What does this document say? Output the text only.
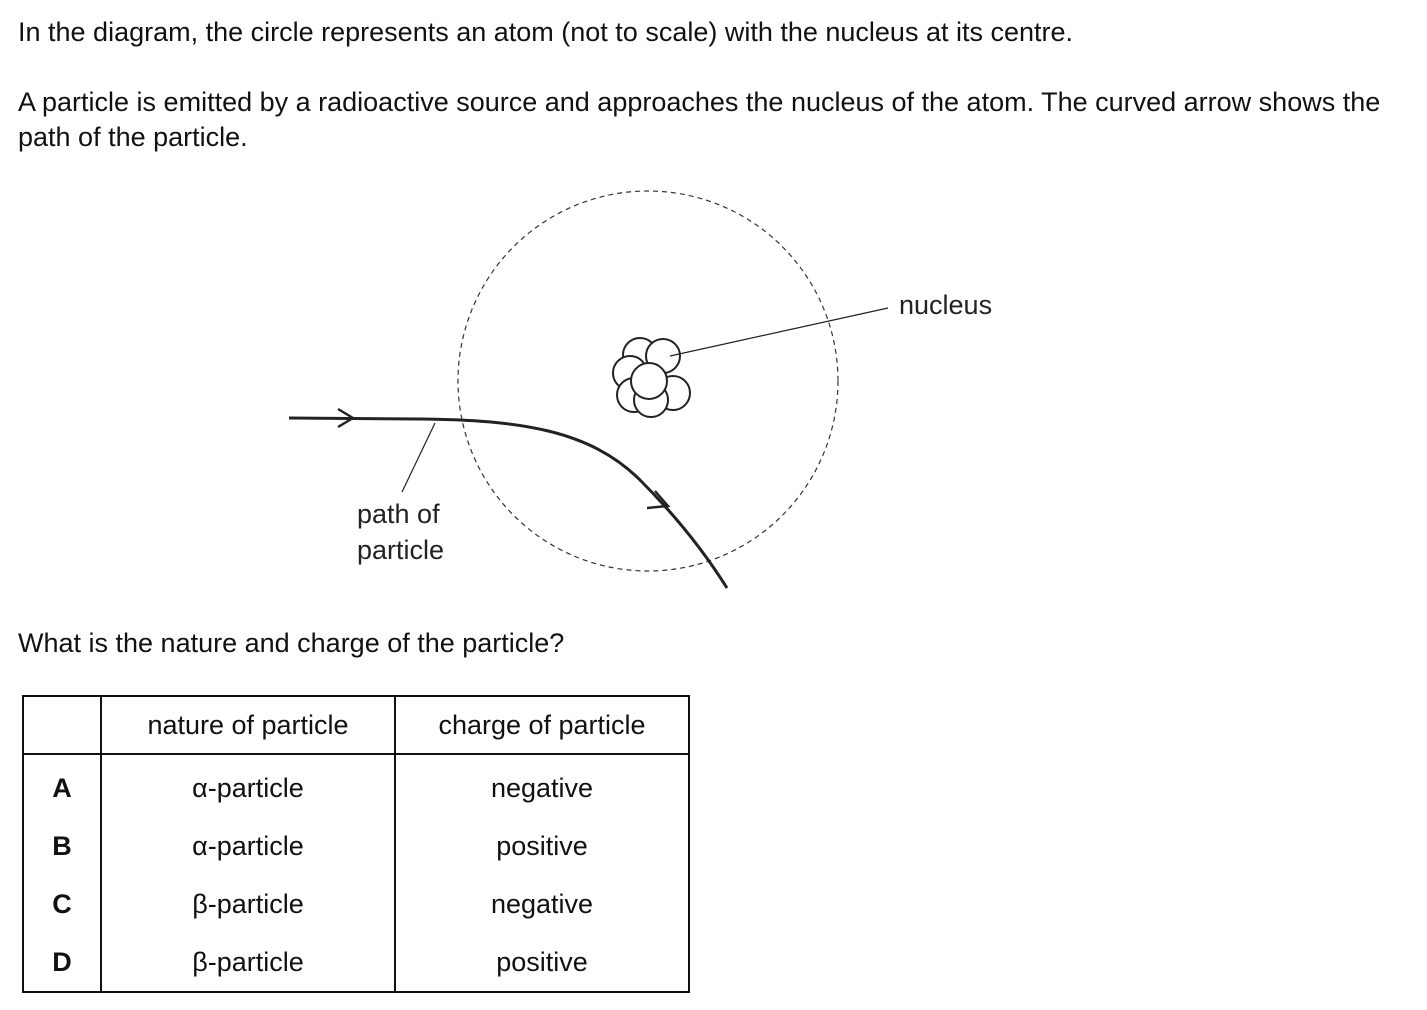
In the diagram, the circle represents an atom (not to scale) with the nucleus at its centre.

A particle is emitted by a radioactive source and approaches the nucleus of the atom. The curved arrow shows the path of the particle.

nucleus
path of
particle

What is the nature and charge of the particle?

	nature of particle	charge of particle
A	α-particle	negative
B	α-particle	positive
C	β-particle	negative
D	β-particle	positive
